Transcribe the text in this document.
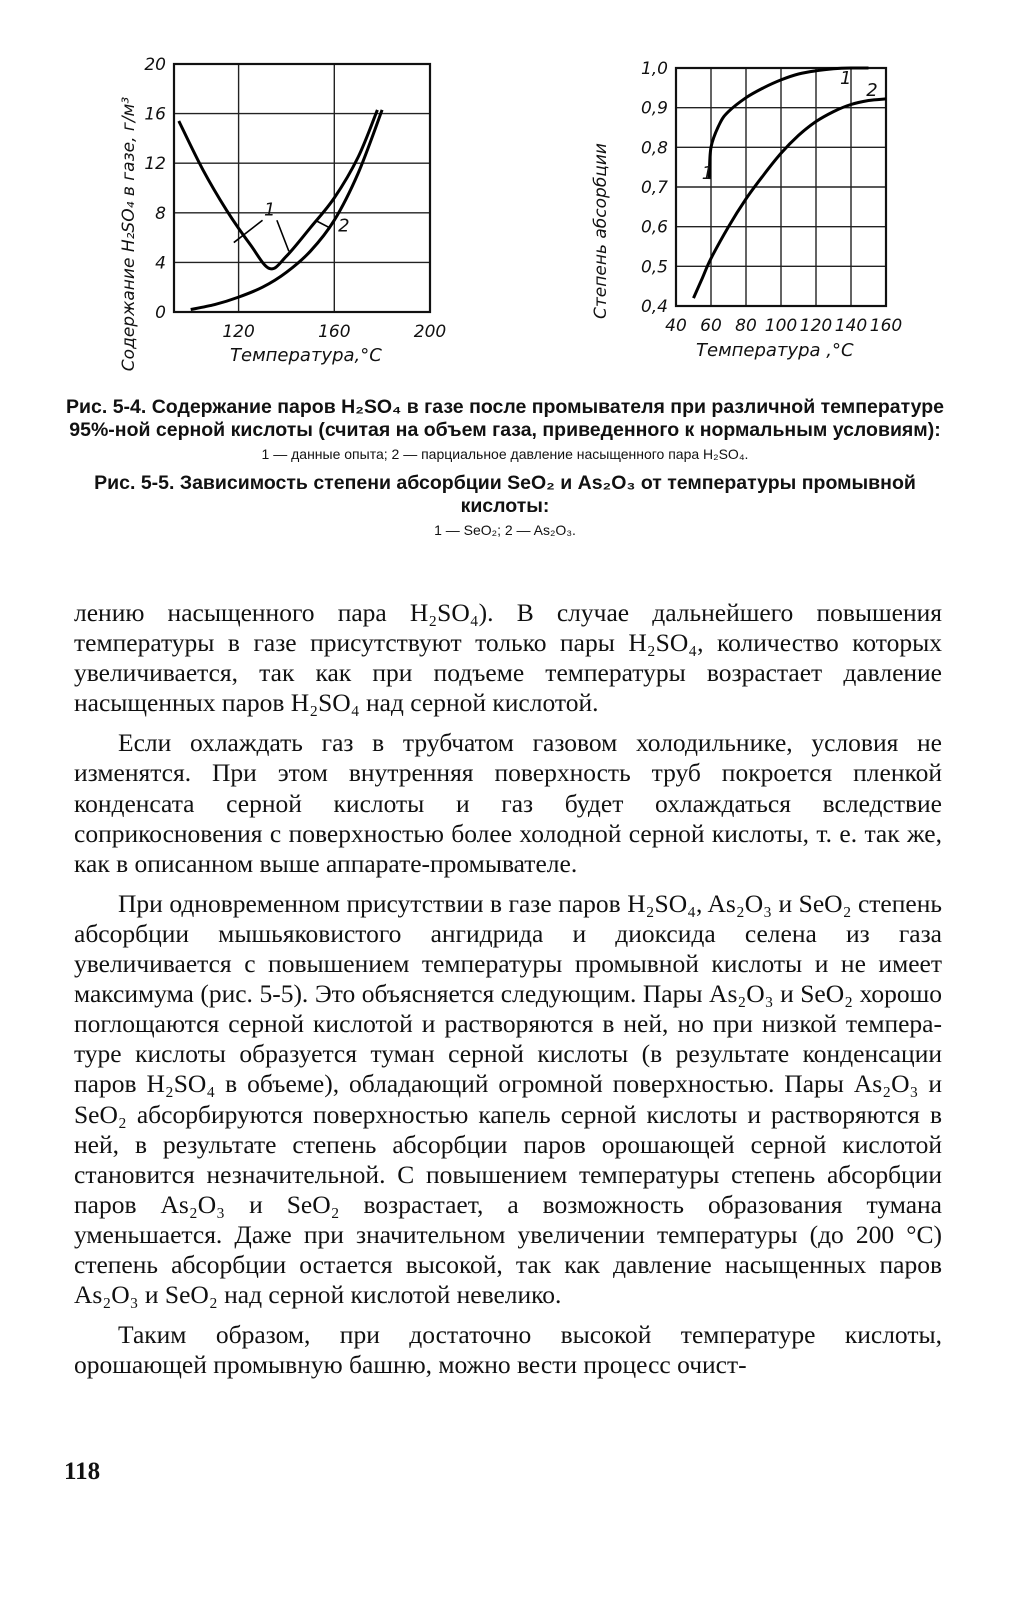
120	160	200
0
4
8
12
16
20
1
2
Температура,°С
Содержание H₂SO₄ в газе, г/м³	40 60 80 100 120 140 160
0,4
0,5
0,6
0,7
0,8
0,9
1,0	1
2
1
Температура ,°С
Степень абсорбции

Рис. 5-4. Содержание паров H₂SO₄ в газе после промывателя при различной температуре 95%-ной серной кислоты (считая на объем газа, приведенного к нормальным условиям):

1 — данные опыта; 2 — парциальное давление насыщенного пара H₂SO₄.

Рис. 5-5. Зависимость степени абсорбции SeO₂ и As₂O₃ от температуры промывной кислоты:

1 — SeO₂; 2 — As₂O₃.

лению насыщенного пара H₂SO₄). В случае дальнейшего повышения температуры в газе присутствуют только пары H₂SO₄, количество которых увеличивается, так как при подъеме температуры возрастает давление насыщенных паров H₂SO₄ над серной кислотой.

Если охлаждать газ в трубчатом газовом холодильнике, условия не изменятся. При этом внутренняя поверхность труб покроется пленкой конденсата серной кислоты и газ будет охлаждаться вследствие соприкосновения с поверхностью более холодной серной кислоты, т. е. так же, как в описанном выше аппарате-промывателе.

При одновременном присутствии в газе паров H₂SO₄, As₂O₃ и SeO₂ степень абсорбции мышьяковистого ангидрида и диоксида селена из газа увеличивается с повышением температуры промывной кислоты и не имеет максимума (рис. 5-5). Это объясняется следующим. Пары As₂O₃ и SeO₂ хорошо поглощаются серной кислотой и растворяются в ней, но при низкой температуре кислоты образуется туман серной кислоты (в результате конденсации паров H₂SO₄ в объеме), обладающий огромной поверхностью. Пары As₂O₃ и SeO₂ абсорбируются поверхностью капель серной кислоты и растворяются в ней, в результате степень абсорбции паров орошающей серной кислотой становится незначительной. С повышением температуры степень абсорбции паров As₂O₃ и SeO₂ возрастает, а возможность образования тумана уменьшается. Даже при значительном увеличении температуры (до 200 °С) степень абсорбции остается высокой, так как давление насыщенных паров As₂O₃ и SeO₂ над серной кислотой невелико.

Таким образом, при достаточно высокой температуре кислоты, орошающей промывную башню, можно вести процесс очист-

118
